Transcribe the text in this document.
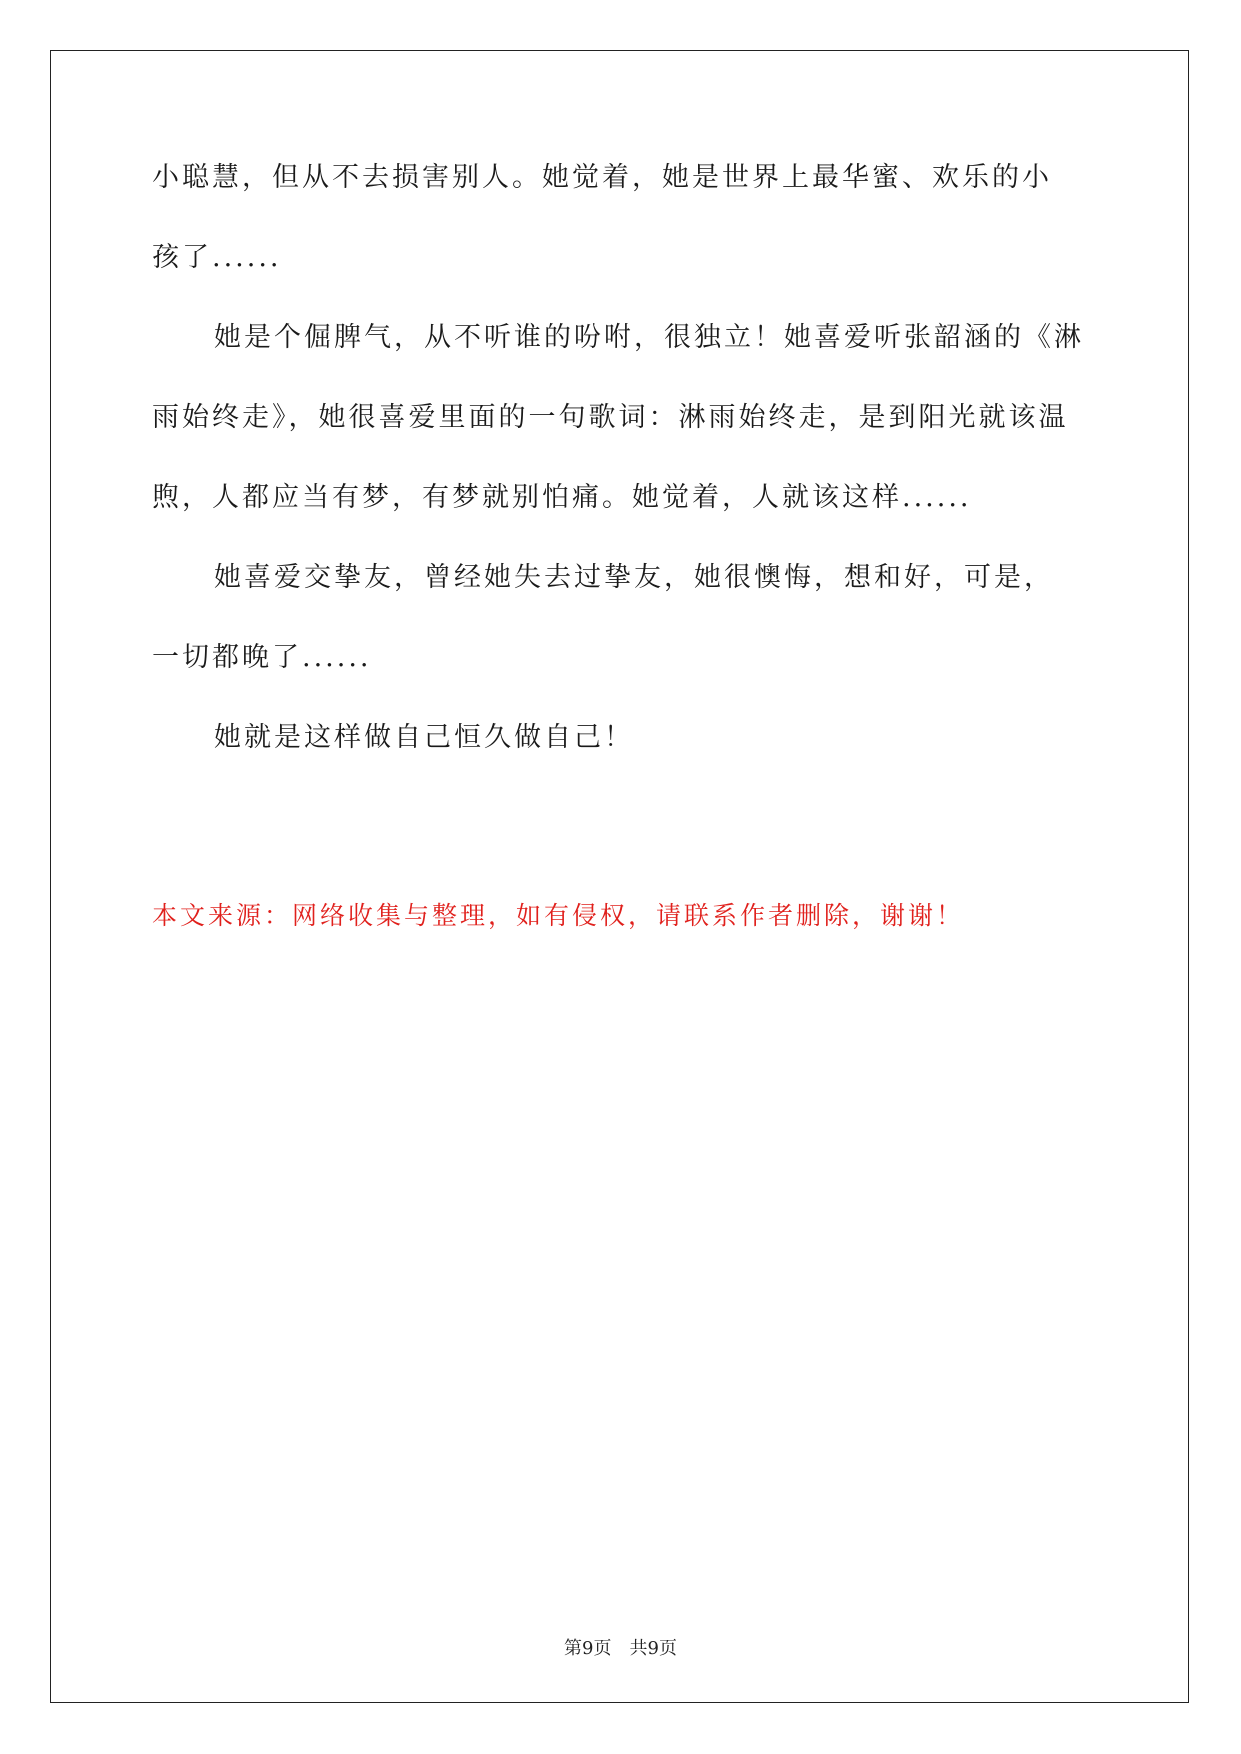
小聪慧，但从不去损害别人。她觉着，她是世界上最华蜜、欢乐的小
孩了......
她是个倔脾气，从不听谁的吩咐，很独立！她喜爱听张韶涵的《淋
雨始终走》，她很喜爱里面的一句歌词：淋雨始终走，是到阳光就该温
煦，人都应当有梦，有梦就别怕痛。她觉着，人就该这样......
她喜爱交挚友，曾经她失去过挚友，她很懊悔，想和好，可是，
一切都晚了......
她就是这样做自己恒久做自己！
本文来源：网络收集与整理，如有侵权，请联系作者删除，谢谢！
第9页 共9页
